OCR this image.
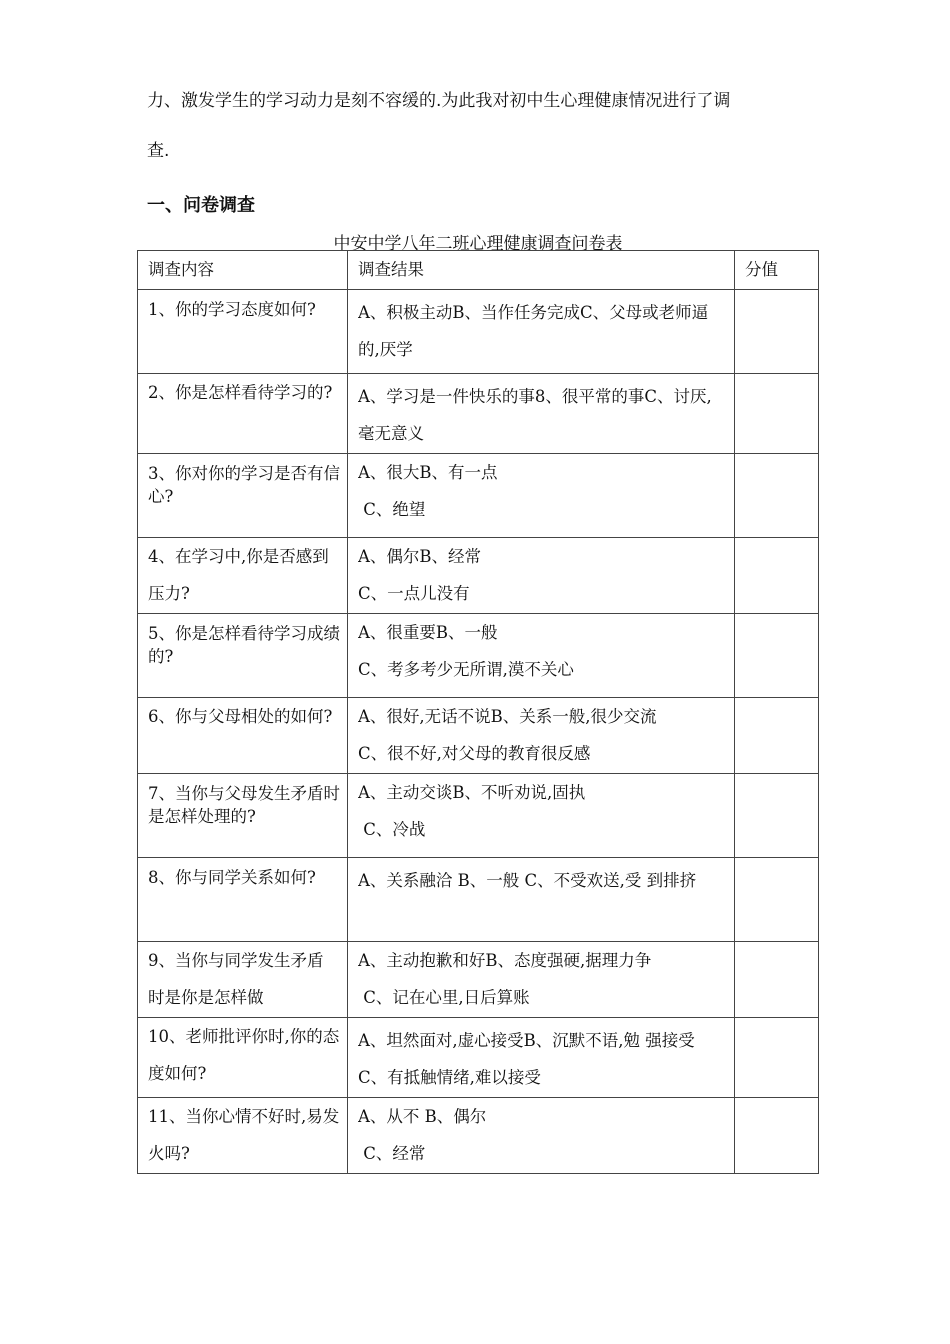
力、激发学生的学习动力是刻不容缓的.为此我对初中生心理健康情况进行了调
查.
一、问卷调查
中安中学八年二班心理健康调查问卷表
调查内容	调查结果	分值

1、你的学习态度如何?	A、积极主动B、当作任务完成C、父母或老师逼的,厌学	

2、你是怎样看待学习的?	A、学习是一件快乐的事8、很平常的事C、讨厌,毫无意义	

3、你对你的学习是否有信心?	A、很大B、有一点
C、绝望	

4、在学习中,你是否感到压力?	A、偶尔B、经常
C、一点儿没有	

5、你是怎样看待学习成绩的?	A、很重要B、一般
C、考多考少无所谓,漠不关心	

6、你与父母相处的如何?	A、很好,无话不说B、关系一般,很少交流
C、很不好,对父母的教育很反感	

7、当你与父母发生矛盾时是怎样处理的?	A、主动交谈B、不听劝说,固执
C、冷战	

8、你与同学关系如何?	A、关系融洽 B、一般 C、不受欢送,受 到排挤	

9、当你与同学发生矛盾 时是你是怎样做	A、主动抱歉和好B、态度强硬,据理力争
C、记在心里,日后算账	

10、老师批评你时,你的态度如何?	A、坦然面对,虚心接受B、沉默不语,勉 强接受
C、有抵触情绪,难以接受	

11、当你心情不好时,易发火吗?	A、从不 B、偶尔
C、经常	
